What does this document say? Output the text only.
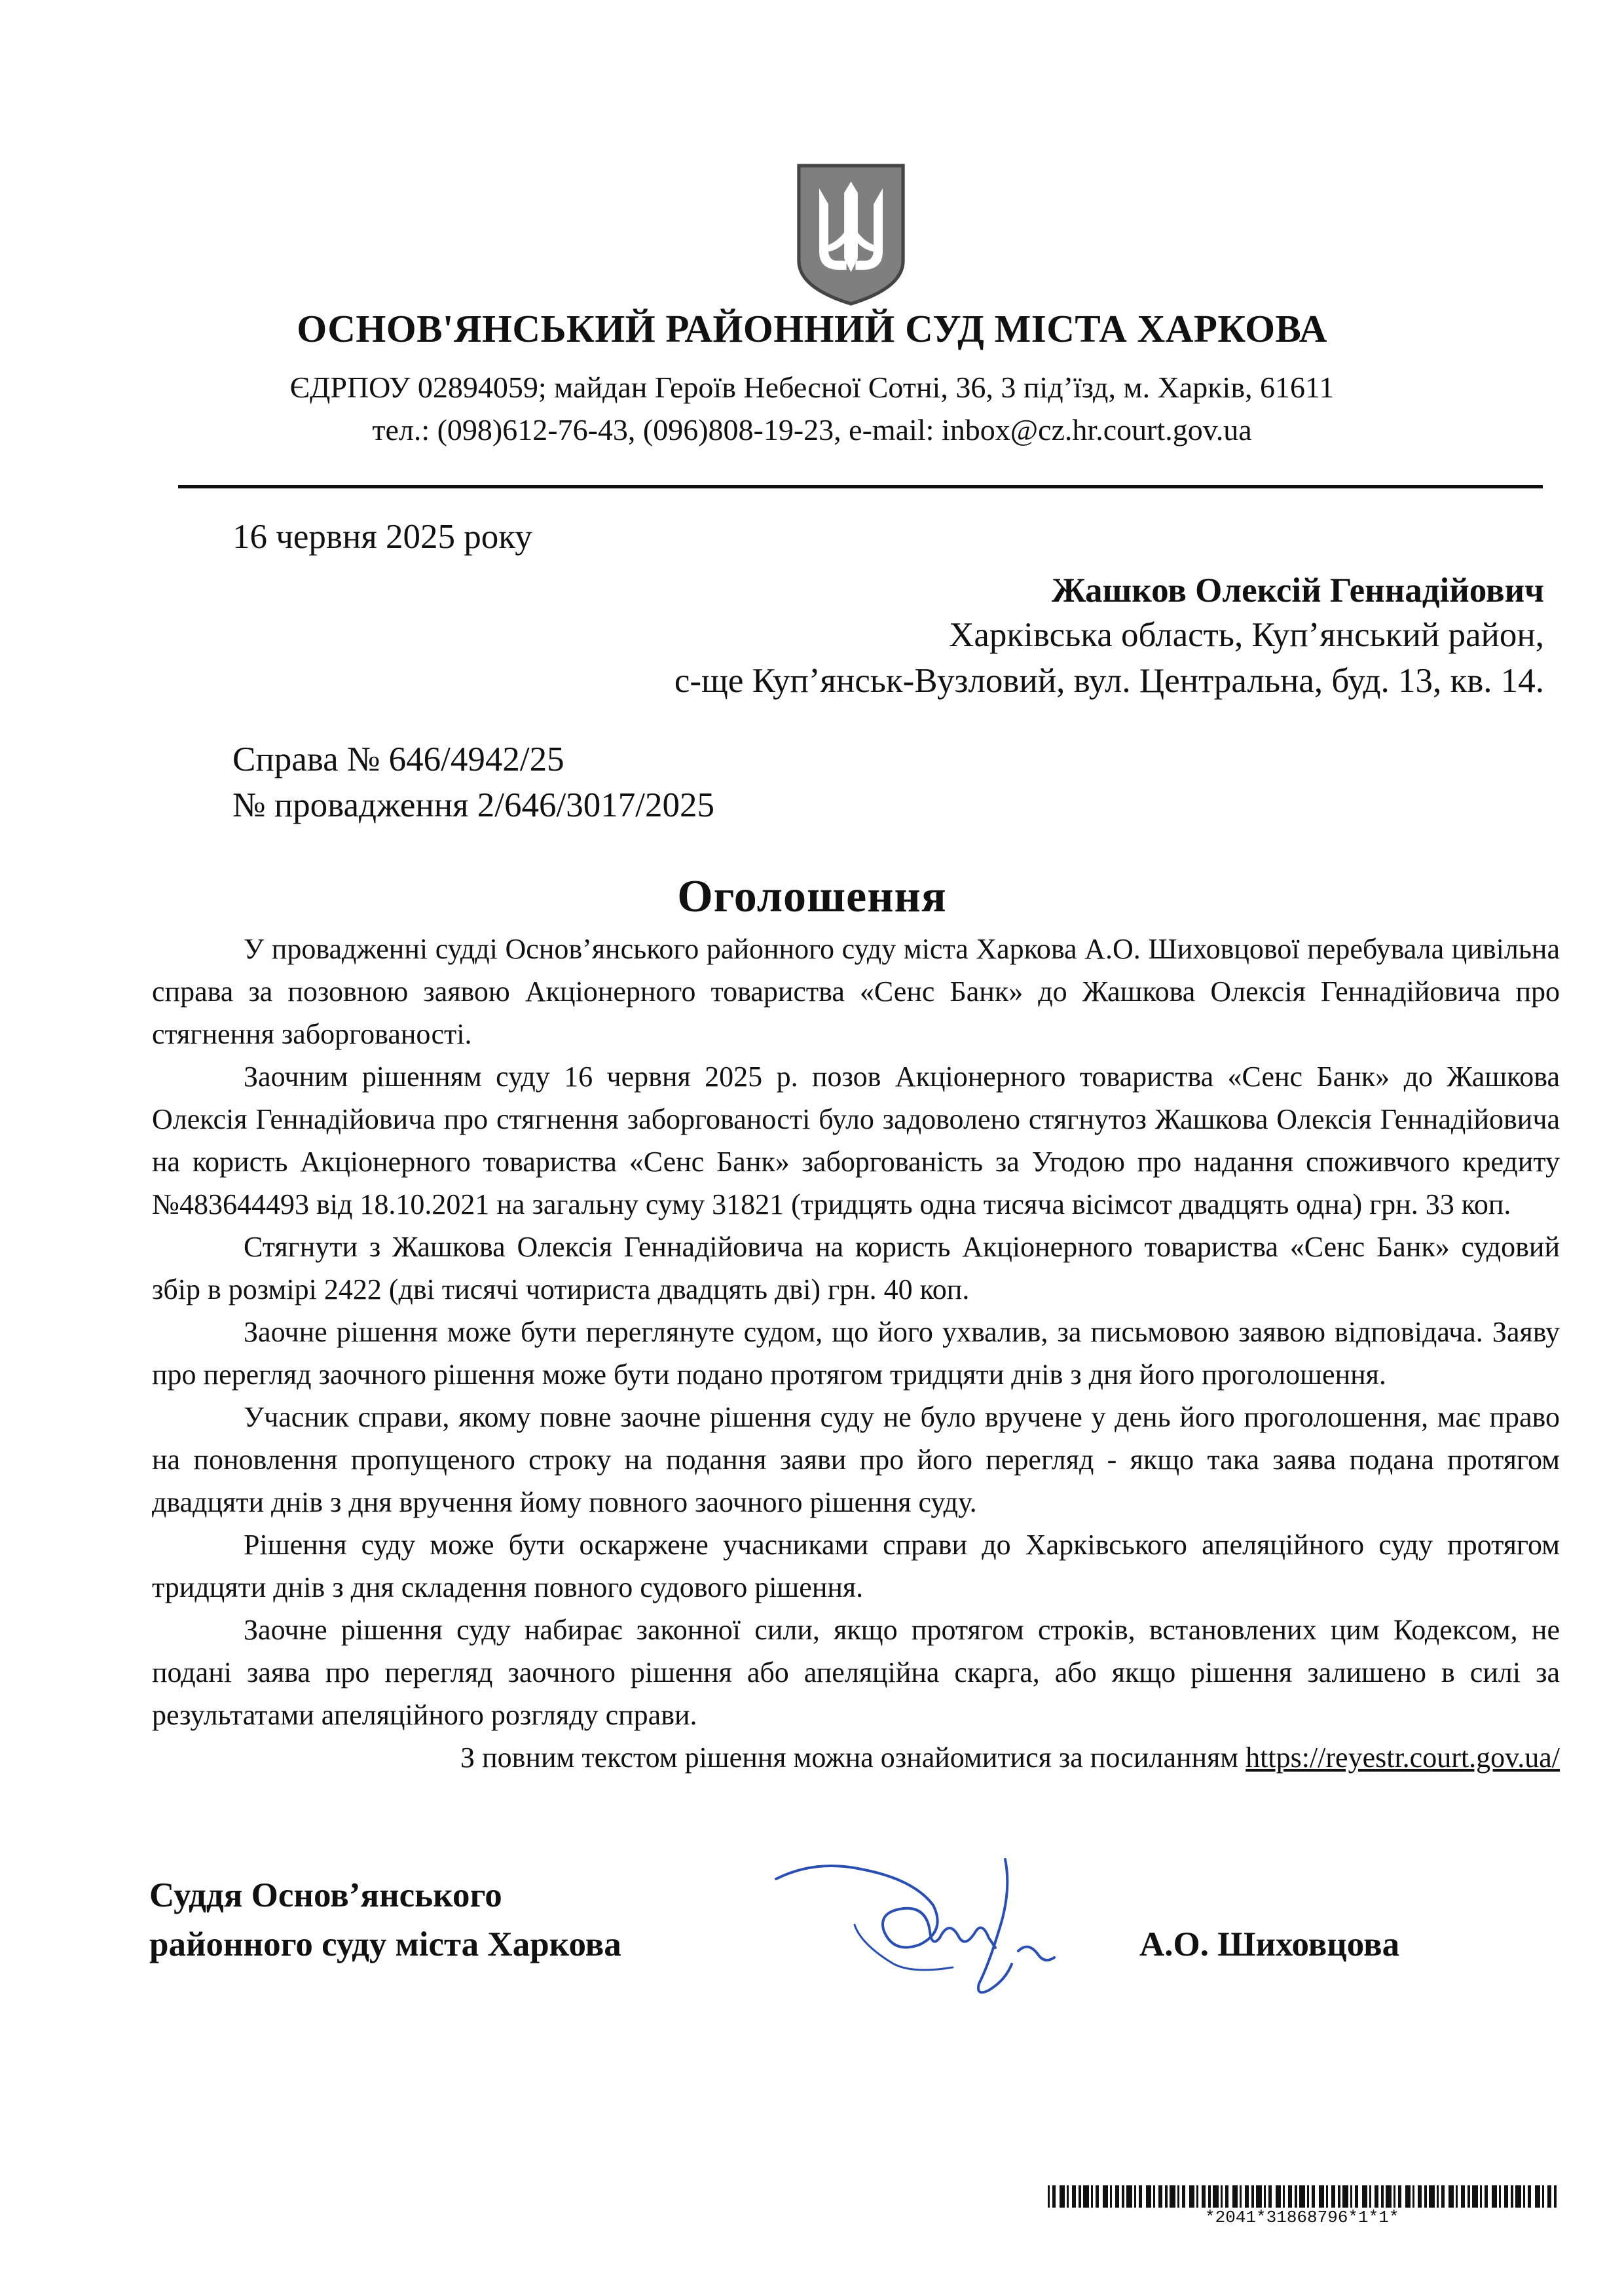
ОСНОВ'ЯНСЬКИЙ РАЙОННИЙ СУД МІСТА ХАРКОВА
ЄДРПОУ 02894059; майдан Героїв Небесної Сотні, 36, 3 під’їзд, м. Харків, 61611
тел.: (098)612-76-43, (096)808-19-23, e-mail: inbox@cz.hr.court.gov.ua
16 червня 2025 року
Жашков Олексій Геннадійович
Харківська область, Куп’янський район,
с-ще Куп’янськ-Вузловий, вул. Центральна, буд. 13, кв. 14.
Справа № 646/4942/25
№ провадження 2/646/3017/2025
Оголошення

У провадженні судді Основ’янського районного суду міста Харкова А.О. Шиховцової перебувала цивільна справа за позовною заявою Акціонерного товариства «Сенс Банк» до Жашкова Олексія Геннадійовича про стягнення заборгованості.

Заочним рішенням суду 16 червня 2025 р. позов Акціонерного товариства «Сенс Банк» до Жашкова Олексія Геннадійовича про стягнення заборгованості було задоволено стягнутоз Жашкова Олексія Геннадійовича на користь Акціонерного товариства «Сенс Банк» заборгованість за Угодою про надання споживчого кредиту №483644493 від 18.10.2021 на загальну суму 31821 (тридцять одна тисяча вісімсот двадцять одна) грн. 33 коп.

Стягнути з Жашкова Олексія Геннадійовича на користь Акціонерного товариства «Сенс Банк» судовий збір в розмірі 2422 (дві тисячі чотириста двадцять дві) грн. 40 коп.

Заочне рішення може бути переглянуте судом, що його ухвалив, за письмовою заявою відповідача. Заяву про перегляд заочного рішення може бути подано протягом тридцяти днів з дня його проголошення.

Учасник справи, якому повне заочне рішення суду не було вручене у день його проголошення, має право на поновлення пропущеного строку на подання заяви про його перегляд - якщо така заява подана протягом двадцяти днів з дня вручення йому повного заочного рішення суду.

Рішення суду може бути оскаржене учасниками справи до Харківського апеляційного суду протягом тридцяти днів з дня складення повного судового рішення.

Заочне рішення суду набирає законної сили, якщо протягом строків, встановлених цим Кодексом, не подані заява про перегляд заочного рішення або апеляційна скарга, або якщо рішення залишено в силі за результатами апеляційного розгляду справи.

З повним текстом рішення можна ознайомитися за посиланням https://reyestr.court.gov.ua/

Суддя Основ’янського
районного суду міста Харкова	А.О. Шиховцова
*2041*31868796*1*1*
